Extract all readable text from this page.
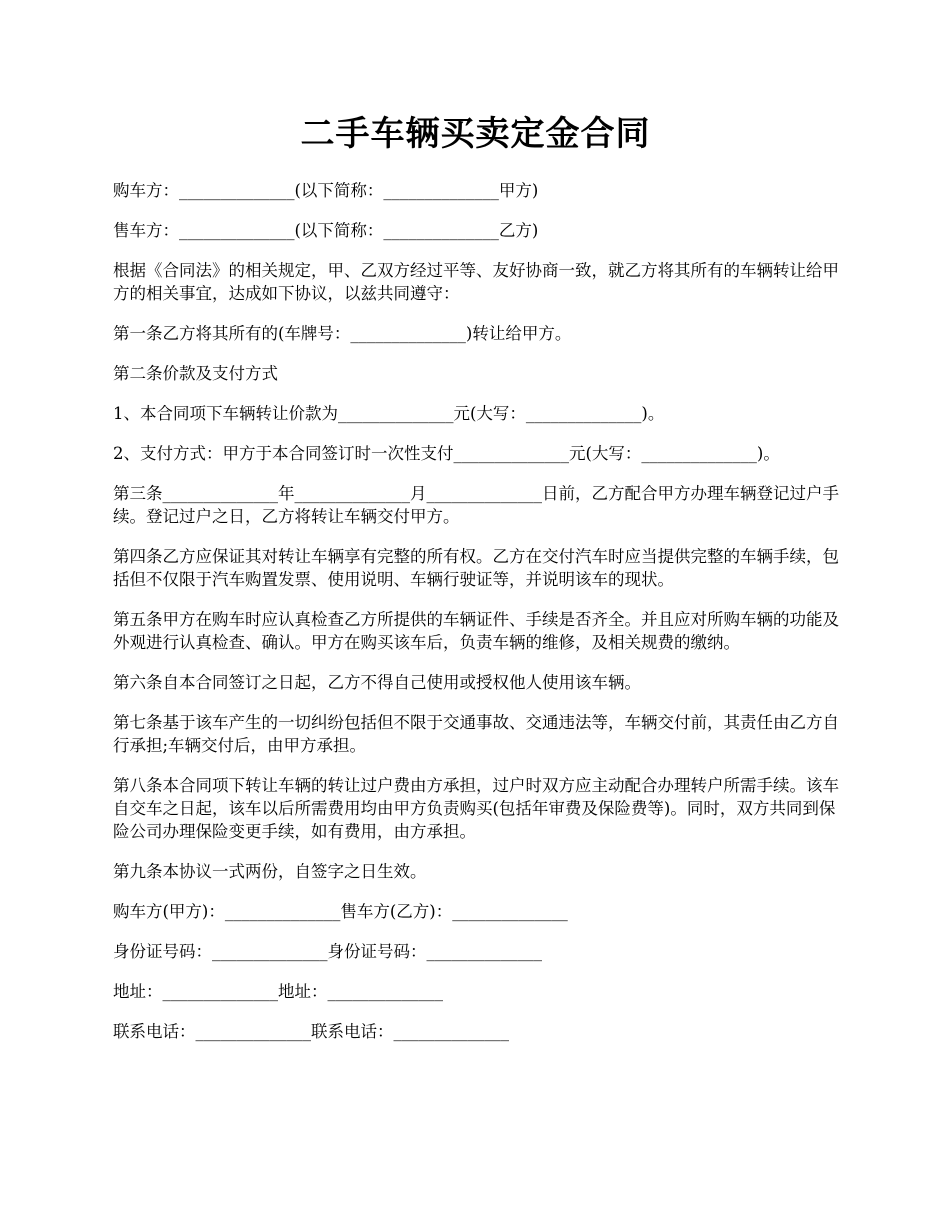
二手车辆买卖定金合同

购车方：______________(以下简称：______________甲方)

售车方：______________(以下简称：______________乙方)

根据《合同法》的相关规定，甲、乙双方经过平等、友好协商一致，就乙方将其所有的车辆转让给甲方的相关事宜，达成如下协议，以兹共同遵守：

第一条乙方将其所有的(车牌号：______________)转让给甲方。

第二条价款及支付方式

1、本合同项下车辆转让价款为______________元(大写：______________)。

2、支付方式：甲方于本合同签订时一次性支付______________元(大写：______________)。

第三条______________年______________月______________日前，乙方配合甲方办理车辆登记过户手续。登记过户之日，乙方将转让车辆交付甲方。

第四条乙方应保证其对转让车辆享有完整的所有权。乙方在交付汽车时应当提供完整的车辆手续，包括但不仅限于汽车购置发票、使用说明、车辆行驶证等，并说明该车的现状。

第五条甲方在购车时应认真检查乙方所提供的车辆证件、手续是否齐全。并且应对所购车辆的功能及外观进行认真检查、确认。甲方在购买该车后，负责车辆的维修，及相关规费的缴纳。

第六条自本合同签订之日起，乙方不得自己使用或授权他人使用该车辆。

第七条基于该车产生的一切纠纷包括但不限于交通事故、交通违法等，车辆交付前，其责任由乙方自行承担;车辆交付后，由甲方承担。

第八条本合同项下转让车辆的转让过户费由方承担，过户时双方应主动配合办理转户所需手续。该车自交车之日起，该车以后所需费用均由甲方负责购买(包括年审费及保险费等)。同时，双方共同到保险公司办理保险变更手续，如有费用，由方承担。

第九条本协议一式两份，自签字之日生效。

购车方(甲方)：______________售车方(乙方)：______________

身份证号码：______________身份证号码：______________

地址：______________地址：______________

联系电话：______________联系电话：______________
